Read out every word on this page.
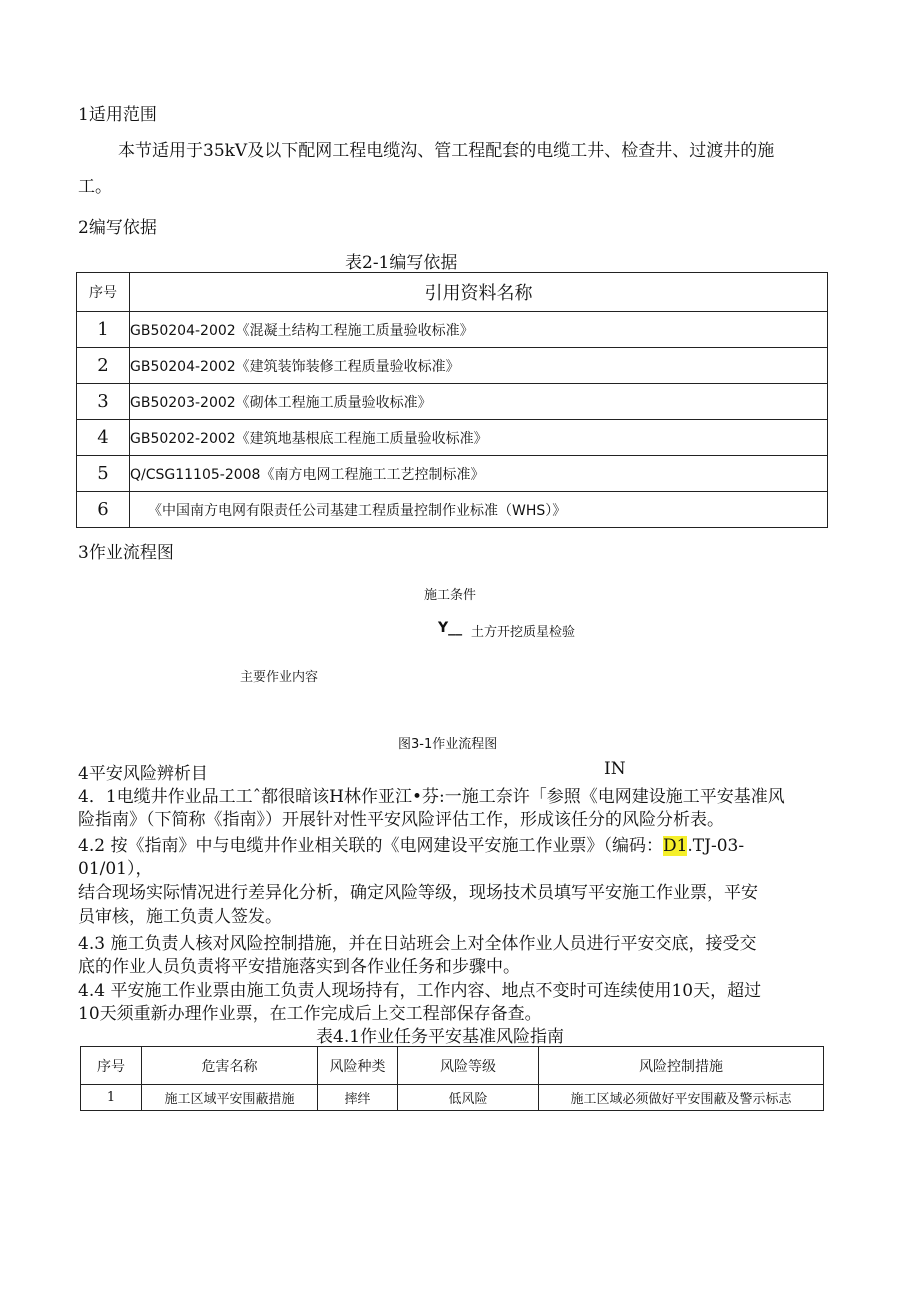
1适用范围
本节适用于35kV及以下配网工程电缆沟、管工程配套的电缆工井、检查井、过渡井的施
工。
2编写依据
表2-1编写依据
序号	引用资料名称
1	GB50204-2002《混凝土结构工程施工质量验收标准》
2	GB50204-2002《建筑装饰装修工程质量验收标准》
3	GB50203-2002《砌体工程施工质量验收标准》
4	GB50202-2002《建筑地基根底工程施工质量验收标准》
5	Q/CSG11105-2008《南方电网工程施工工艺控制标准》
6	《中国南方电网有限责任公司基建工程质量控制作业标准（WHS）》
3作业流程图
施工条件
Y__ 土方开挖质星检验
主要作业内容
图3-1作业流程图
4平安风险辨析目	IN
4．1电缆井作业品工工ˆ都很暗该H林作亚江•芬:一施工奈许「参照《电网建设施工平安基准风
险指南》（下简称《指南》）开展针对性平安风险评估工作，形成该任分的风险分析表。
4.2 按《指南》中与电缆井作业相关联的《电网建设平安施工作业票》（编码：D1.TJ-03-
01/01），
结合现场实际情况进行差异化分析，确定风险等级，现场技术员填写平安施工作业票，平安
员审核，施工负责人签发。
4.3 施工负责人核对风险控制措施，并在日站班会上对全体作业人员进行平安交底，接受交
底的作业人员负责将平安措施落实到各作业任务和步骤中。
4.4 平安施工作业票由施工负责人现场持有，工作内容、地点不变时可连续使用10天，超过
10天须重新办理作业票，在工作完成后上交工程部保存备查。
表4.1作业任务平安基准风险指南
序号	危害名称	风险种类	风险等级	风险控制措施
1	施工区域平安围蔽措施	摔绊	低风险	施工区域必须做好平安围蔽及警示标志
